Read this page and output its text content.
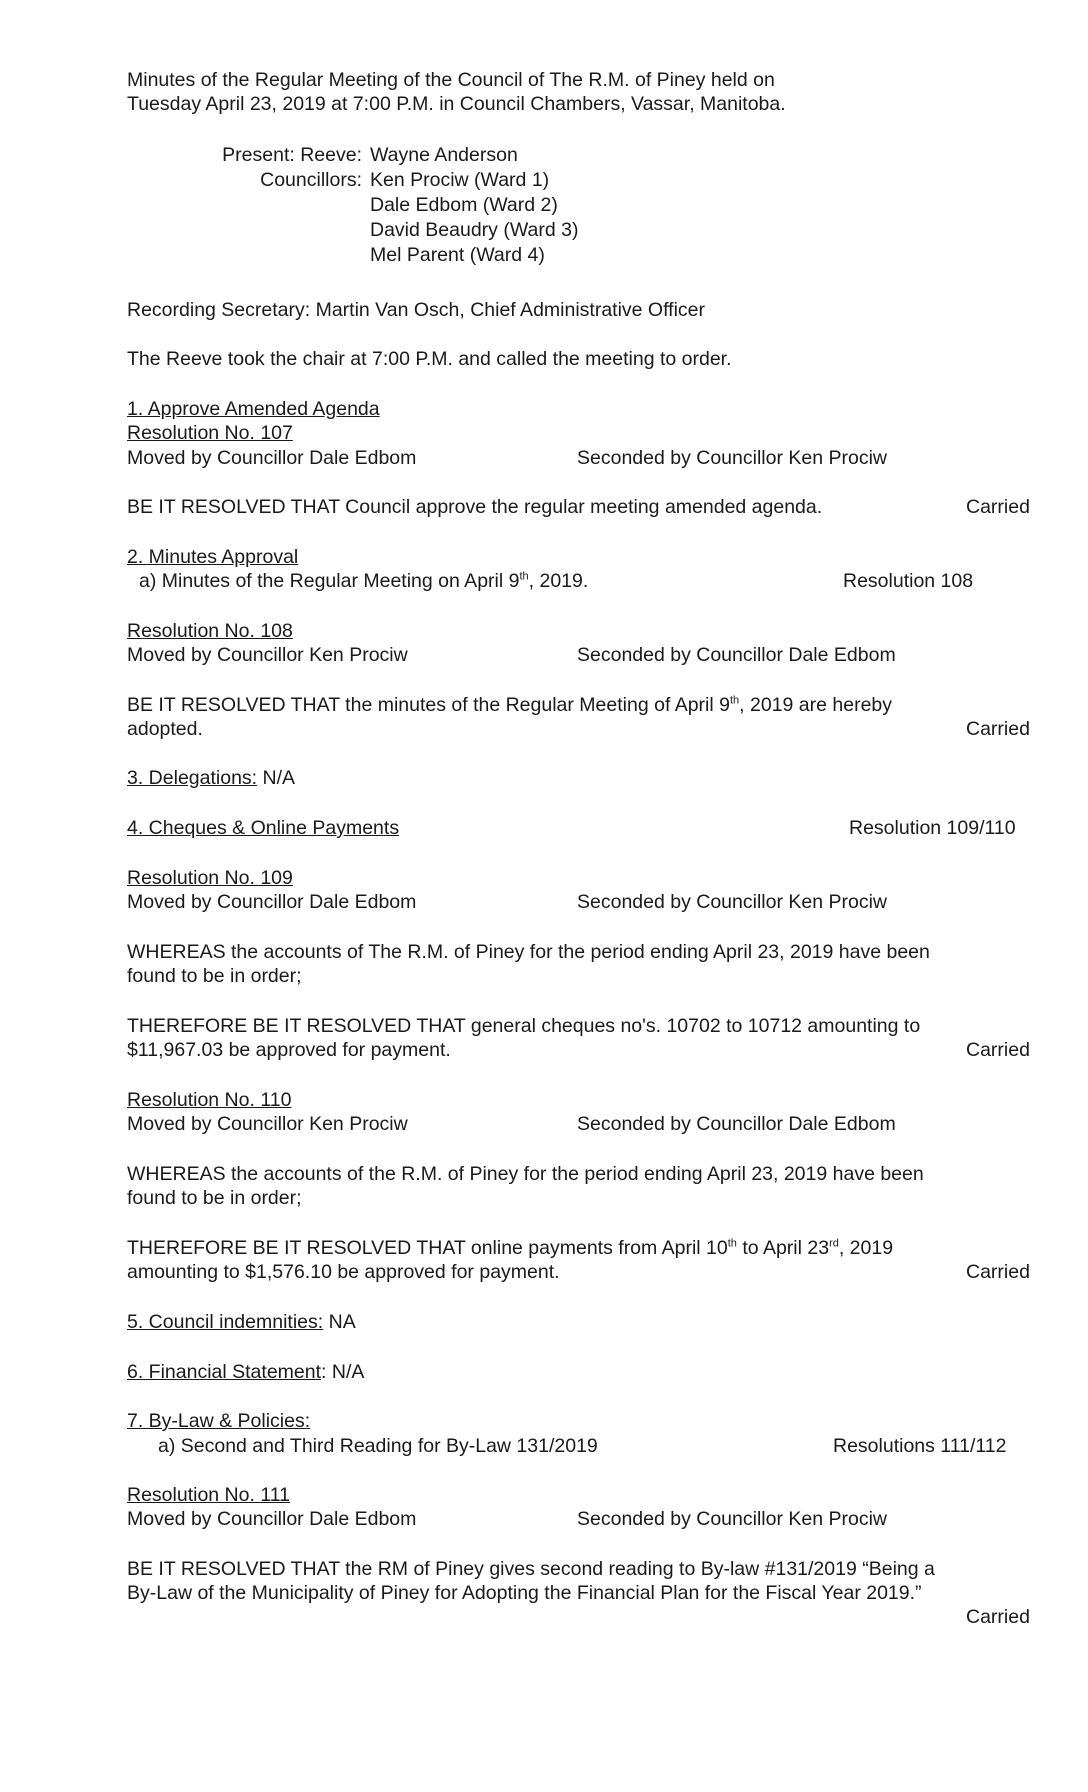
Minutes of the Regular Meeting of the Council of The R.M. of Piney held on
Tuesday April 23, 2019 at 7:00 P.M. in Council Chambers, Vassar, Manitoba.
Present: Reeve: Wayne Anderson
Councillors: Ken Prociw (Ward 1)
Dale Edbom (Ward 2)
David Beaudry (Ward 3)
Mel Parent (Ward 4)
Recording Secretary: Martin Van Osch, Chief Administrative Officer
The Reeve took the chair at 7:00 P.M. and called the meeting to order.
1. Approve Amended Agenda
Resolution No. 107
Moved by Councillor Dale Edbom	Seconded by Councillor Ken Prociw
BE IT RESOLVED THAT Council approve the regular meeting amended agenda.	Carried
2. Minutes Approval
a) Minutes of the Regular Meeting on April 9th, 2019.	Resolution 108
Resolution No. 108
Moved by Councillor Ken Prociw	Seconded by Councillor Dale Edbom
BE IT RESOLVED THAT the minutes of the Regular Meeting of April 9th, 2019 are hereby
adopted.	Carried
3. Delegations: N/A
4. Cheques & Online Payments	Resolution 109/110
Resolution No. 109
Moved by Councillor Dale Edbom	Seconded by Councillor Ken Prociw
WHEREAS the accounts of The R.M. of Piney for the period ending April 23, 2019 have been
found to be in order;
THEREFORE BE IT RESOLVED THAT general cheques no's. 10702 to 10712 amounting to
$11,967.03 be approved for payment.	Carried
Resolution No. 110
Moved by Councillor Ken Prociw	Seconded by Councillor Dale Edbom
WHEREAS the accounts of the R.M. of Piney for the period ending April 23, 2019 have been
found to be in order;
THEREFORE BE IT RESOLVED THAT online payments from April 10th to April 23rd, 2019
amounting to $1,576.10 be approved for payment.	Carried
5. Council indemnities: NA
6. Financial Statement: N/A
7. By-Law & Policies:
a) Second and Third Reading for By-Law 131/2019	Resolutions 111/112
Resolution No. 111
Moved by Councillor Dale Edbom	Seconded by Councillor Ken Prociw
BE IT RESOLVED THAT the RM of Piney gives second reading to By-law #131/2019 “Being a
By-Law of the Municipality of Piney for Adopting the Financial Plan for the Fiscal Year 2019.”
Carried
